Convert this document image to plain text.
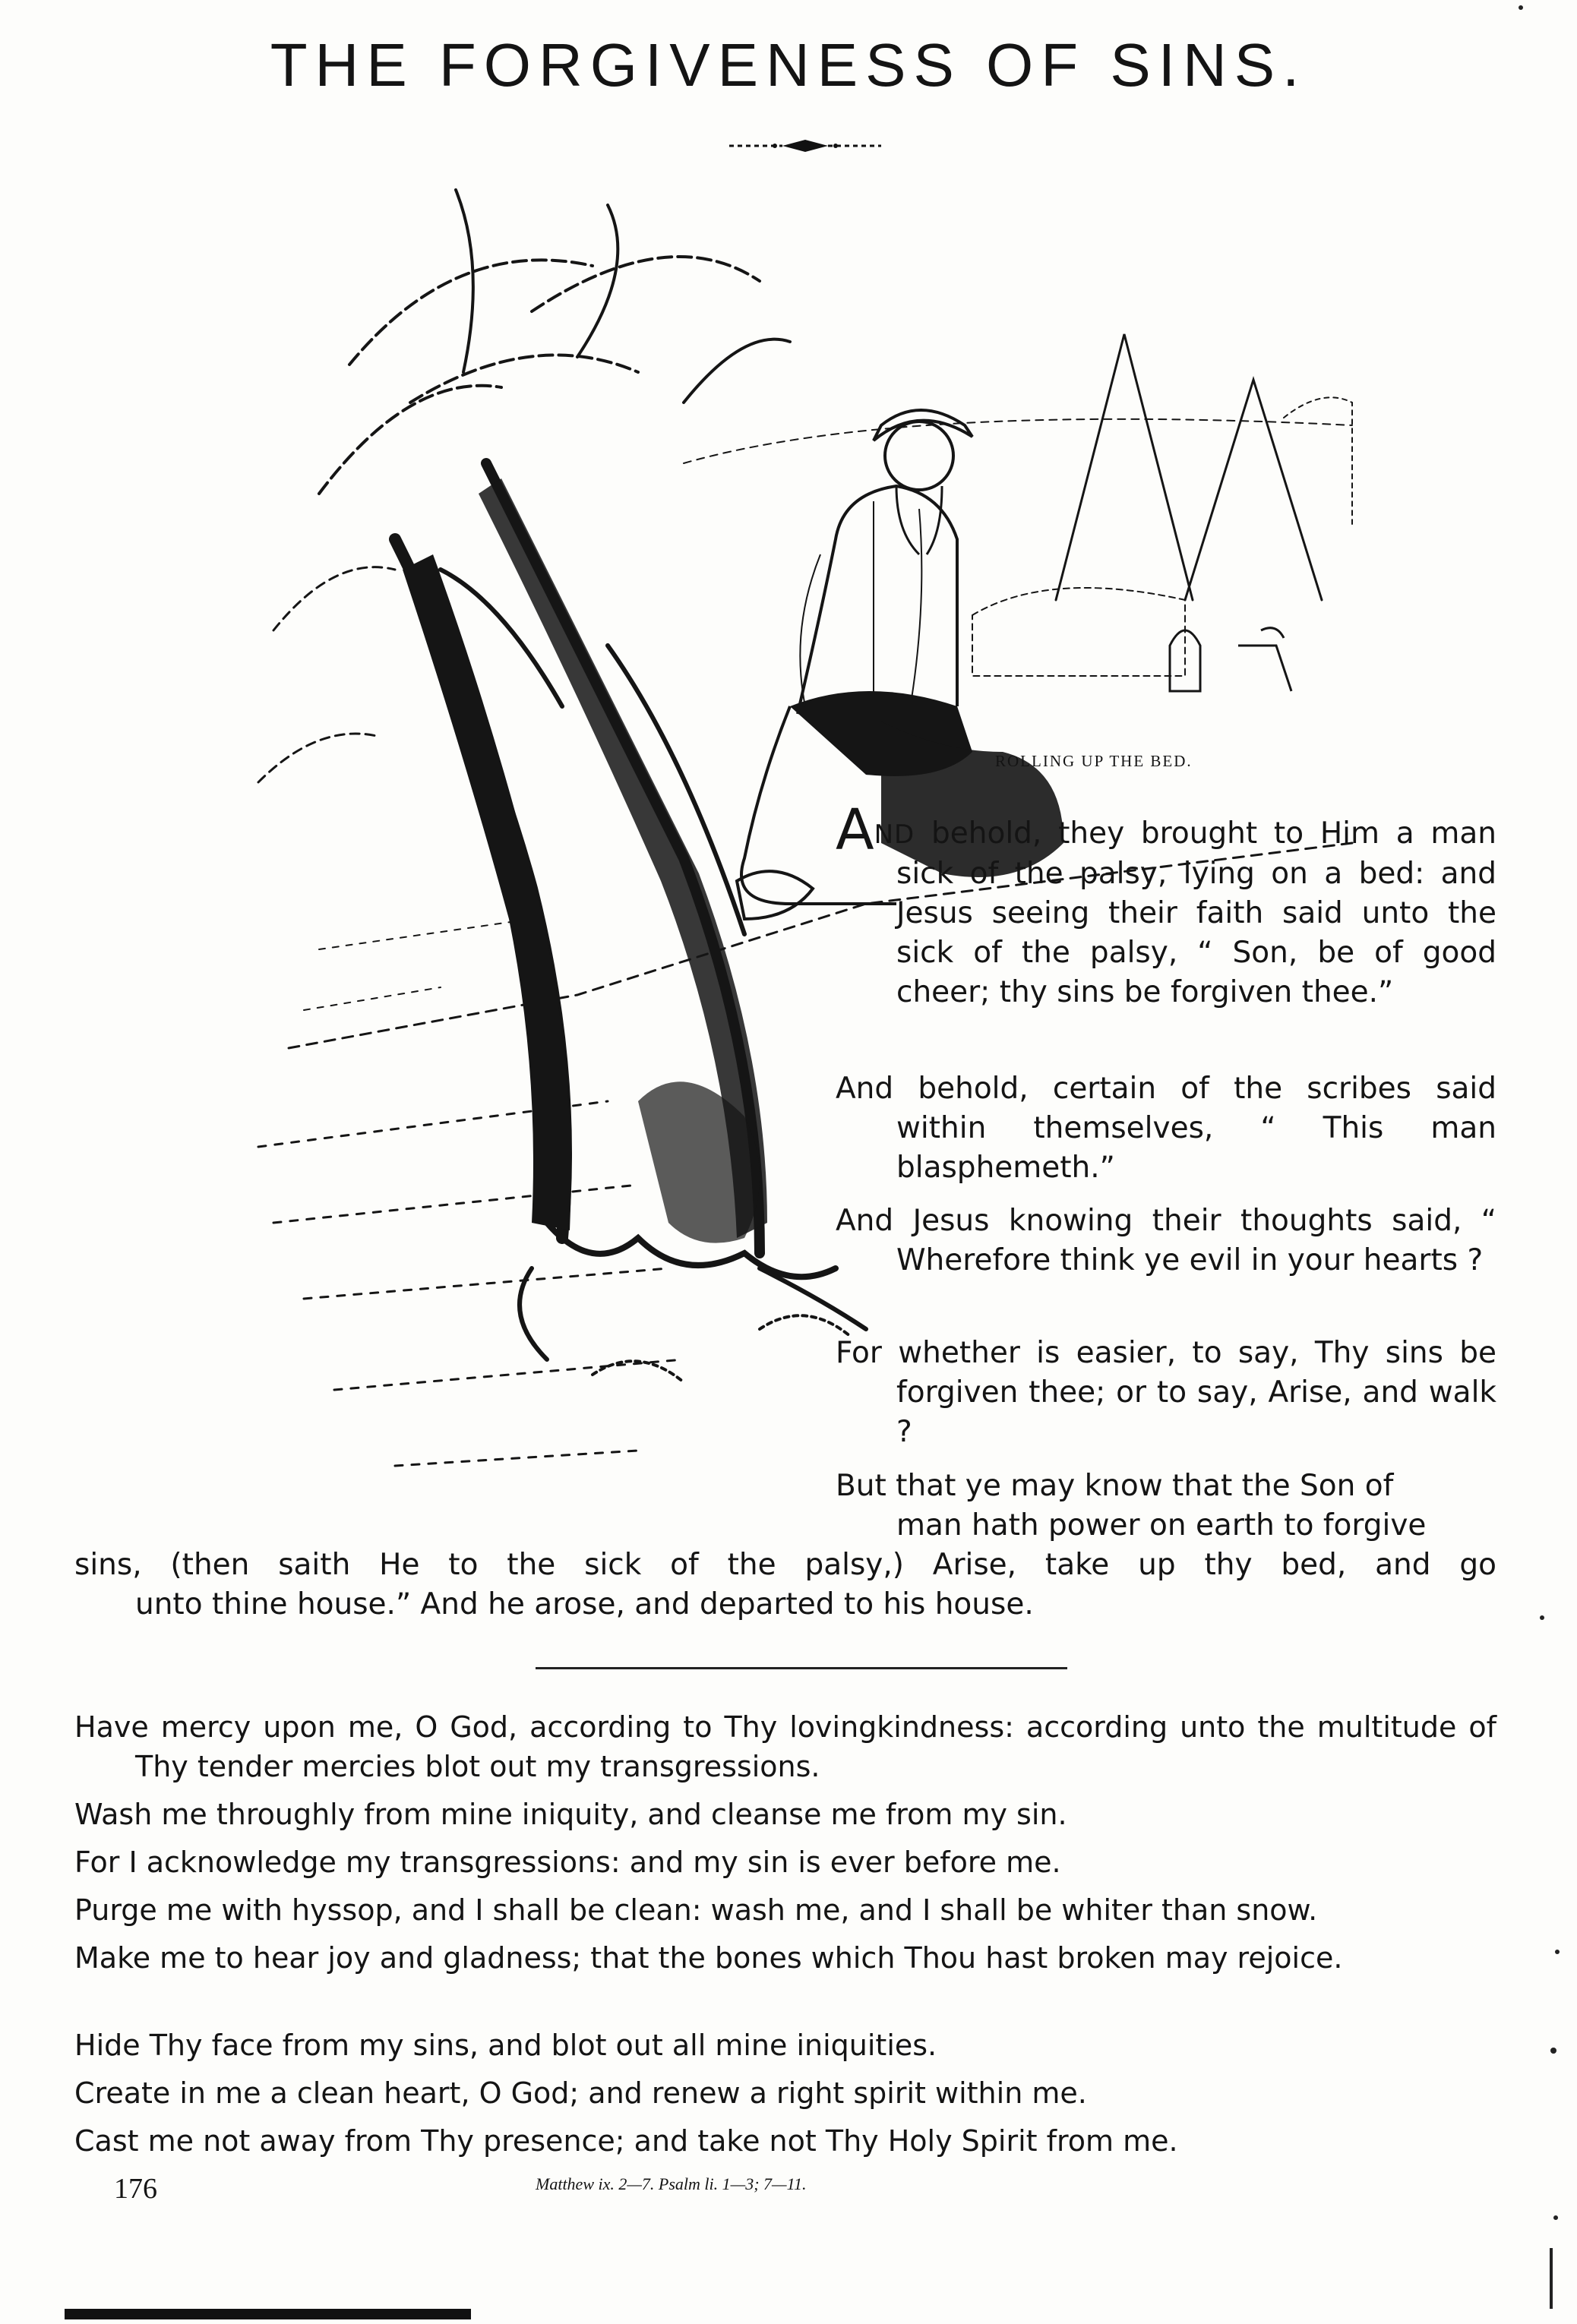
THE FORGIVENESS OF SINS.
ROLLING UP THE BED.
AND behold, they brought to Him a man sick of the palsy, lying on a bed: and Jesus seeing their faith said unto the sick of the palsy, “ Son, be of good cheer; thy sins be forgiven thee.”
And behold, certain of the scribes said within themselves, “ This man blasphemeth.”
And Jesus knowing their thoughts said, “ Wherefore think ye evil in your hearts ?
For whether is easier, to say, Thy sins be forgiven thee; or to say, Arise, and walk ?
But that ye may know that the Son of
man hath power on earth to forgive
sins, (then saith He to the sick of the palsy,) Arise, take up thy bed, and go
unto thine house.” And he arose, and departed to his house.
Have mercy upon me, O God, according to Thy lovingkindness: according unto the multitude of Thy tender mercies blot out my transgressions.
Wash me throughly from mine iniquity, and cleanse me from my sin.
For I acknowledge my transgressions: and my sin is ever before me.
Purge me with hyssop, and I shall be clean: wash me, and I shall be whiter than snow.
Make me to hear joy and gladness; that the bones which Thou hast broken may rejoice.
Hide Thy face from my sins, and blot out all mine iniquities.
Create in me a clean heart, O God; and renew a right spirit within me.
Cast me not away from Thy presence; and take not Thy Holy Spirit from me.
176	Matthew ix. 2—7. Psalm li. 1—3; 7—11.
